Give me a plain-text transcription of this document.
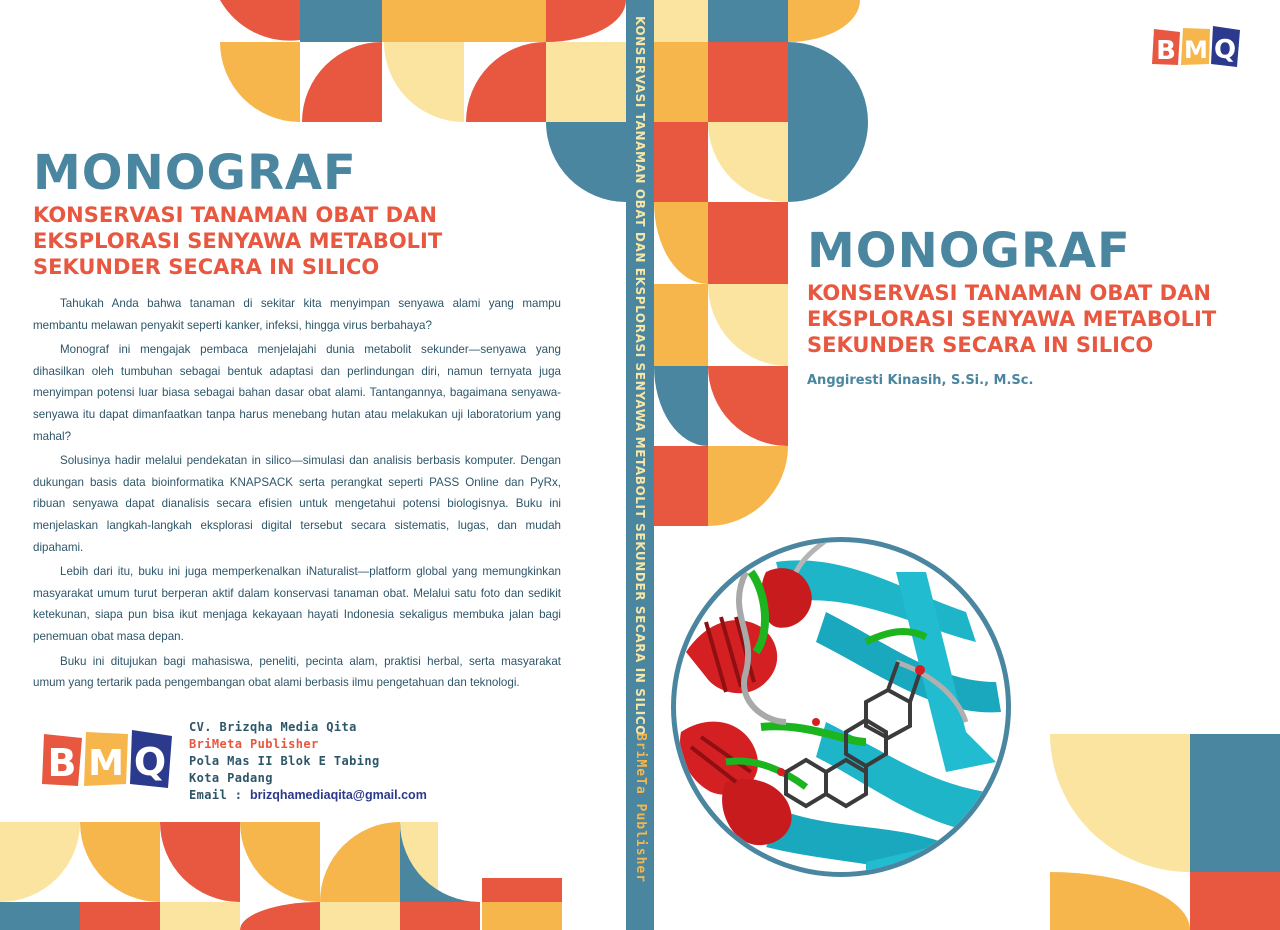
MONOGRAF
KONSERVASI TANAMAN OBAT DAN
EKSPLORASI SENYAWA METABOLIT
SEKUNDER SECARA IN SILICO

Tahukah Anda bahwa tanaman di sekitar kita menyimpan senyawa alami yang mampu membantu melawan penyakit seperti kanker, infeksi, hingga virus berbahaya?

Monograf ini mengajak pembaca menjelajahi dunia metabolit sekunder—senyawa yang dihasilkan oleh tumbuhan sebagai bentuk adaptasi dan perlindungan diri, namun ternyata juga menyimpan potensi luar biasa sebagai bahan dasar obat alami. Tantangannya, bagaimana senyawa-senyawa itu dapat dimanfaatkan tanpa harus menebang hutan atau melakukan uji laboratorium yang mahal?

Solusinya hadir melalui pendekatan in silico—simulasi dan analisis berbasis komputer. Dengan dukungan basis data bioinformatika KNAPSACK serta perangkat seperti PASS Online dan PyRx, ribuan senyawa dapat dianalisis secara efisien untuk mengetahui potensi biologisnya. Buku ini menjelaskan langkah-langkah eksplorasi digital tersebut secara sistematis, lugas, dan mudah dipahami.

Lebih dari itu, buku ini juga memperkenalkan iNaturalist—platform global yang memungkinkan masyarakat umum turut berperan aktif dalam konservasi tanaman obat. Melalui satu foto dan sedikit ketekunan, siapa pun bisa ikut menjaga kekayaan hayati Indonesia sekaligus membuka jalan bagi penemuan obat masa depan.

Buku ini ditujukan bagi mahasiswa, peneliti, pecinta alam, praktisi herbal, serta masyarakat umum yang tertarik pada pengembangan obat alami berbasis ilmu pengetahuan dan teknologi.

B M Q
CV. Brizqha Media Qita
BriMeta Publisher
Pola Mas II Blok E Tabing
Kota Padang
Email : brizqhamediaqita@gmail.com
KONSERVASI TANAMAN OBAT DAN EKSPLORASI SENYAWA METABOLIT SEKUNDER SECARA IN SILICO
BriMeTa Publisher
B M Q
MONOGRAF
KONSERVASI TANAMAN OBAT DAN
EKSPLORASI SENYAWA METABOLIT
SEKUNDER SECARA IN SILICO
Anggiresti Kinasih, S.Si., M.Sc.
